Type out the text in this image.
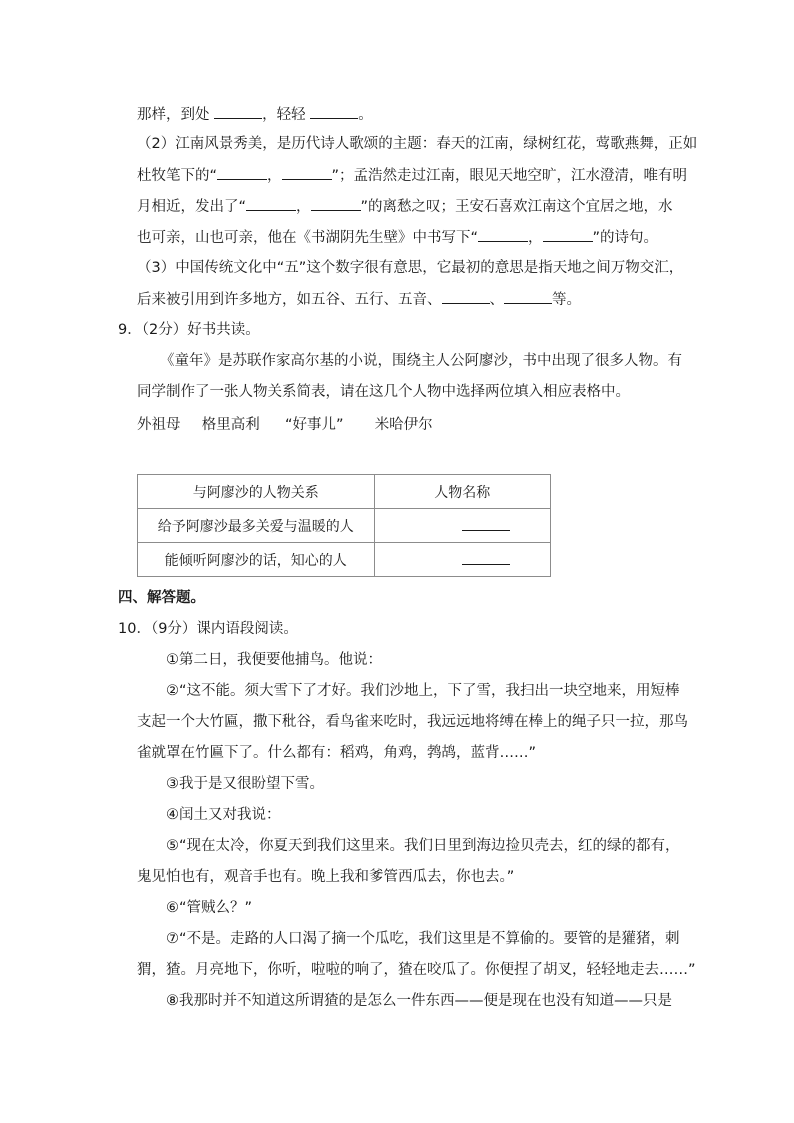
那样，到处	，轻轻	。
（2）江南风景秀美，是历代诗人歌颂的主题：春天的江南，绿树红花，莺歌燕舞，正如
杜牧笔下的“	，	”；孟浩然走过江南，眼见天地空旷，江水澄清，唯有明
月相近，发出了“	，	”的离愁之叹；王安石喜欢江南这个宜居之地，水
也可亲，山也可亲，他在《书湖阴先生壁》中书写下“	，	”的诗句。
（3）中国传统文化中“五”这个数字很有意思，它最初的意思是指天地之间万物交汇，
后来被引用到许多地方，如五谷、五行、五音、	、	等。
9．（2分）好书共读。
《童年》是苏联作家高尔基的小说，围绕主人公阿廖沙，书中出现了很多人物。有
同学制作了一张人物关系简表，请在这几个人物中选择两位填入相应表格中。
外祖母 格里高利 “好事儿” 米哈伊尔
与阿廖沙的人物关系	人物名称
给予阿廖沙最多关爱与温暖的人	
能倾听阿廖沙的话，知心的人	
四、解答题。
10．（9分）课内语段阅读。
①第二日，我便要他捕鸟。他说：
②“这不能。须大雪下了才好。我们沙地上，下了雪，我扫出一块空地来，用短棒
支起一个大竹匾，撒下秕谷，看鸟雀来吃时，我远远地将缚在棒上的绳子只一拉，那鸟
雀就罩在竹匾下了。什么都有：稻鸡，角鸡，鹁鸪，蓝背……”
③我于是又很盼望下雪。
④闰土又对我说：
⑤“现在太冷，你夏天到我们这里来。我们日里到海边捡贝壳去，红的绿的都有，
鬼见怕也有，观音手也有。晚上我和爹管西瓜去，你也去。”
⑥“管贼么？”
⑦“不是。走路的人口渴了摘一个瓜吃，我们这里是不算偷的。要管的是獾猪，刺
猬，猹。月亮地下，你听，啦啦的响了，猹在咬瓜了。你便捏了胡叉，轻轻地走去……”
⑧我那时并不知道这所谓猹的是怎么一件东西——便是现在也没有知道——只是
